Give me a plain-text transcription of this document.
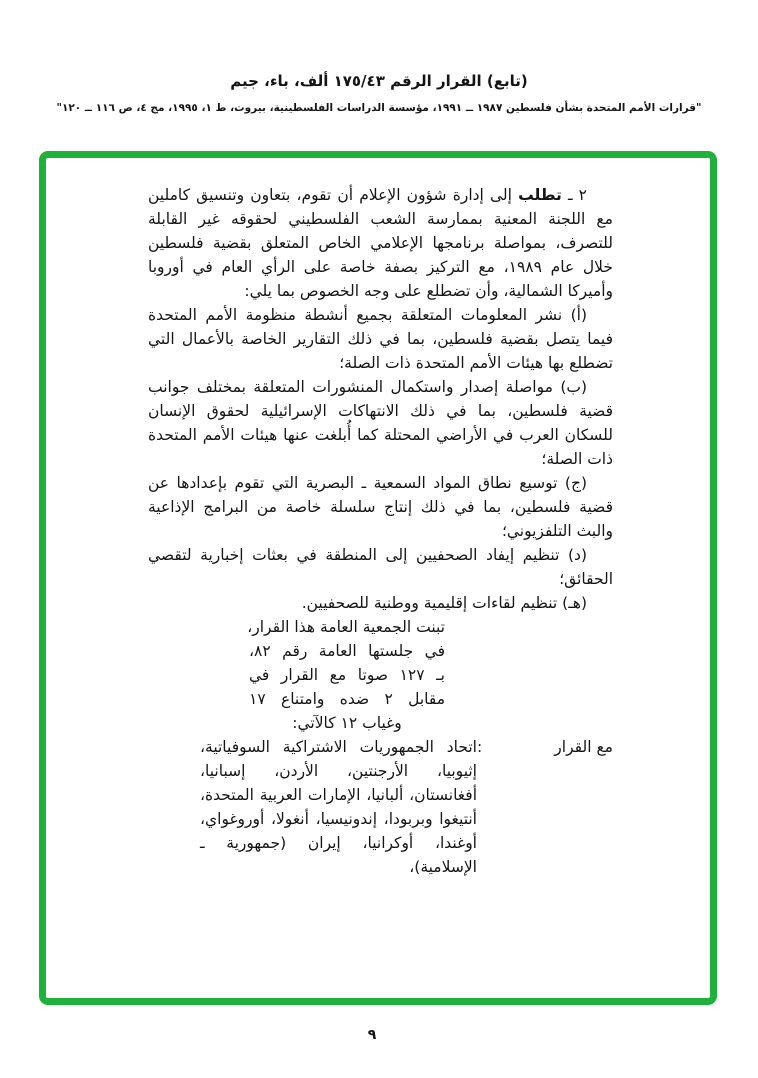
(تابع) القرار الرقم ١٧٥/٤٣ ألف، باء، جيم
"قرارات الأمم المتحدة بشأن فلسطين ١٩٨٧ ــ ١٩٩١، مؤسسة الدراسات الفلسطينية، بيروت، ط ١، ١٩٩٥، مج ٤، ص ١١٦ ــ ١٢٠"

٢ ـ تطلب إلى إدارة شؤون الإعلام أن تقوم، بتعاون وتنسيق كاملين مع اللجنة المعنية بممارسة الشعب الفلسطيني لحقوقه غير القابلة للتصرف، بمواصلة برنامجها الإعلامي الخاص المتعلق بقضية فلسطين خلال عام ١٩٨٩، مع التركيز بصفة خاصة على الرأي العام في أوروبا وأميركا الشمالية، وأن تضطلع على وجه الخصوص بما يلي:

(أ) نشر المعلومات المتعلقة بجميع أنشطة منظومة الأمم المتحدة فيما يتصل بقضية فلسطين، بما في ذلك التقارير الخاصة بالأعمال التي تضطلع بها هيئات الأمم المتحدة ذات الصلة؛

(ب) مواصلة إصدار واستكمال المنشورات المتعلقة بمختلف جوانب قضية فلسطين، بما في ذلك الانتهاكات الإسرائيلية لحقوق الإنسان للسكان العرب في الأراضي المحتلة كما أُبلغت عنها هيئات الأمم المتحدة ذات الصلة؛

(ج) توسيع نطاق المواد السمعية ـ البصرية التي تقوم بإعدادها عن قضية فلسطين، بما في ذلك إنتاج سلسلة خاصة من البرامج الإذاعية والبث التلفزيوني؛

(د) تنظيم إيفاد الصحفيين إلى المنطقة في بعثات إخبارية لتقصي الحقائق؛

(هـ) تنظيم لقاءات إقليمية ووطنية للصحفيين.

تبنت الجمعية العامة هذا القرار،
في جلستها العامة رقم ٨٢،
بـ ١٢٧ صوتا مع القرار في
مقابل ٢ ضده وامتناع ١٧
وغياب ١٢ كالآتي:
مع القرار
:
اتحاد الجمهوريات الاشتراكية السوفياتية، إثيوبيا، الأرجنتين، الأردن، إسبانيا، أفغانستان، ألبانيا، الإمارات العربية المتحدة، أنتيغوا وبربودا، إندونيسيا، أنغولا، أوروغواي، أوغندا، أوكرانيا، إيران (جمهورية ـ الإسلامية)،
٩
